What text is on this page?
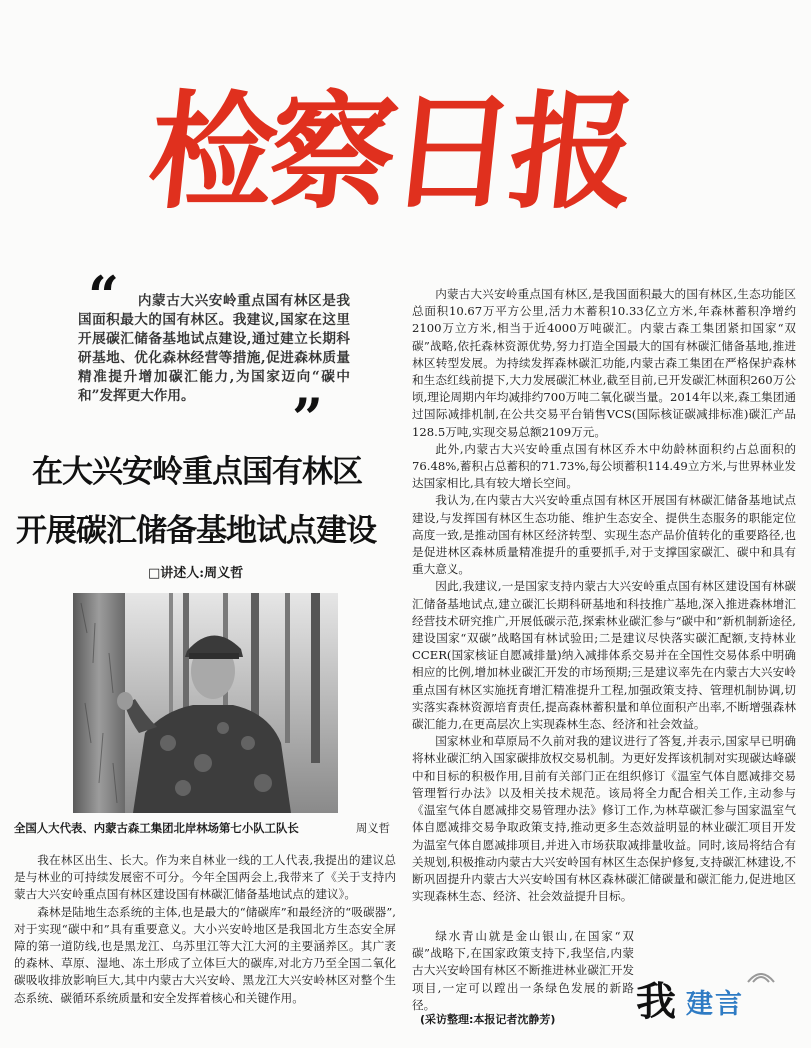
检察日报
“	内蒙古大兴安岭重点国有林区是我国面积最大的国有林区。我建议,国家在这里开展碳汇储备基地试点建设,通过建立长期科研基地、优化森林经营等措施,促进森林质量精准提升增加碳汇能力,为国家迈向“碳中和”发挥更大作用。	”
在大兴安岭重点国有林区
开展碳汇储备基地试点建设
□讲述人:周义哲
全国人大代表、内蒙古森工集团北岸林场第七小队工队长	周义哲

我在林区出生、长大。作为来自林业一线的工人代表,我提出的建议总是与林业的可持续发展密不可分。今年全国两会上,我带来了《关于支持内蒙古大兴安岭重点国有林区建设国有林碳汇储备基地试点的建议》。

森林是陆地生态系统的主体,也是最大的“储碳库”和最经济的“吸碳器”,对于实现“碳中和”具有重要意义。大小兴安岭地区是我国北方生态安全屏障的第一道防线,也是黑龙江、乌苏里江等大江大河的主要涵养区。其广袤的森林、草原、湿地、冻土形成了立体巨大的碳库,对北方乃至全国二氧化碳吸收排放影响巨大,其中内蒙古大兴安岭、黑龙江大兴安岭林区对整个生态系统、碳循环系统质量和安全发挥着核心和关键作用。

内蒙古大兴安岭重点国有林区,是我国面积最大的国有林区,生态功能区总面积10.67万平方公里,活力木蓄积10.33亿立方米,年森林蓄积净增约2100万立方米,相当于近4000万吨碳汇。内蒙古森工集团紧扣国家“双碳”战略,依托森林资源优势,努力打造全国最大的国有林碳汇储备基地,推进林区转型发展。为持续发挥森林碳汇功能,内蒙古森工集团在严格保护森林和生态红线前提下,大力发展碳汇林业,截至目前,已开发碳汇林面积260万公顷,理论周期内年均减排约700万吨二氧化碳当量。2014年以来,森工集团通过国际减排机制,在公共交易平台销售VCS(国际核证碳减排标准)碳汇产品128.5万吨,实现交易总额2109万元。

此外,内蒙古大兴安岭重点国有林区乔木中幼龄林面积约占总面积的76.48%,蓄积占总蓄积的71.73%,每公顷蓄积114.49立方米,与世界林业发达国家相比,具有较大增长空间。

我认为,在内蒙古大兴安岭重点国有林区开展国有林碳汇储备基地试点建设,与发挥国有林区生态功能、维护生态安全、提供生态服务的职能定位高度一致,是推动国有林区经济转型、实现生态产品价值转化的重要路径,也是促进林区森林质量精准提升的重要抓手,对于支撑国家碳汇、碳中和具有重大意义。

因此,我建议,一是国家支持内蒙古大兴安岭重点国有林区建设国有林碳汇储备基地试点,建立碳汇长期科研基地和科技推广基地,深入推进森林增汇经营技术研究推广,开展低碳示范,探索林业碳汇参与“碳中和”新机制新途径,建设国家“双碳”战略国有林试验田;二是建议尽快落实碳汇配额,支持林业CCER(国家核证自愿减排量)纳入减排体系交易并在全国性交易体系中明确相应的比例,增加林业碳汇开发的市场预期;三是建议率先在内蒙古大兴安岭重点国有林区实施抚育增汇精准提升工程,加强政策支持、管理机制协调,切实落实森林资源培育责任,提高森林蓄积量和单位面积产出率,不断增强森林碳汇能力,在更高层次上实现森林生态、经济和社会效益。

国家林业和草原局不久前对我的建议进行了答复,并表示,国家早已明确将林业碳汇纳入国家碳排放权交易机制。为更好发挥该机制对实现碳达峰碳中和目标的积极作用,目前有关部门正在组织修订《温室气体自愿减排交易管理暂行办法》以及相关技术规范。该局将全力配合相关工作,主动参与《温室气体自愿减排交易管理办法》修订工作,为林草碳汇参与国家温室气体自愿减排交易争取政策支持,推动更多生态效益明显的林业碳汇项目开发为温室气体自愿减排项目,并进入市场获取减排量收益。同时,该局将结合有关规划,积极推动内蒙古大兴安岭国有林区生态保护修复,支持碳汇林建设,不断巩固提升内蒙古大兴安岭国有林区森林碳汇储碳量和碳汇能力,促进地区实现森林生态、经济、社会效益提升目标。

绿水青山就是金山银山,在国家“双碳”战略下,在国家政策支持下,我坚信,内蒙古大兴安岭国有林区不断推进林业碳汇开发项目,一定可以蹚出一条绿色发展的新路径。

(采访整理:本报记者沈静芳) 我 建言
